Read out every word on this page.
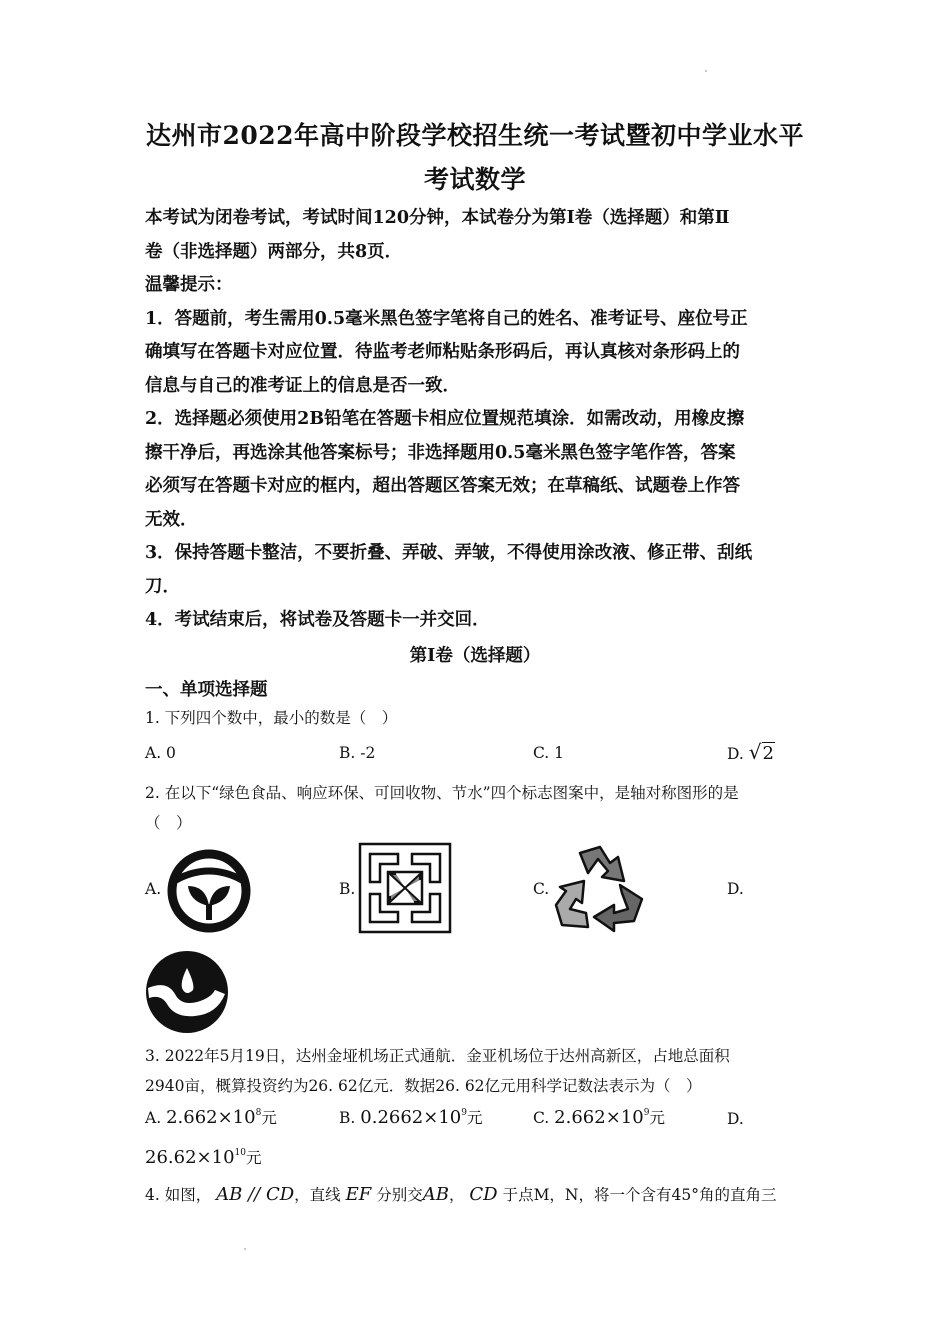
达州市2022年高中阶段学校招生统一考试暨初中学业水平
考试数学
本考试为闭卷考试，考试时间120分钟，本试卷分为第Ⅰ卷（选择题）和第Ⅱ
卷（非选择题）两部分，共8页．
温馨提示：
1．答题前，考生需用0.5毫米黑色签字笔将自己的姓名、准考证号、座位号正
确填写在答题卡对应位置．待监考老师粘贴条形码后，再认真核对条形码上的
信息与自己的准考证上的信息是否一致．
2．选择题必须使用2B铅笔在答题卡相应位置规范填涂．如需改动，用橡皮擦
擦干净后，再选涂其他答案标号；非选择题用0.5毫米黑色签字笔作答，答案
必须写在答题卡对应的框内，超出答题区答案无效；在草稿纸、试题卷上作答
无效．
3．保持答题卡整洁，不要折叠、弄破、弄皱，不得使用涂改液、修正带、刮纸
刀．
4．考试结束后，将试卷及答题卡一并交回．
第Ⅰ卷（选择题）
一、单项选择题
1. 下列四个数中，最小的数是（　）
A. 0	B. -2	C. 1	D. √2
2. 在以下“绿色食品、响应环保、可回收物、节水”四个标志图案中，是轴对称图形的是
（　）
A.	B.	C.	D.
3. 2022年5月19日，达州金垭机场正式通航．金亚机场位于达州高新区，占地总面积
2940亩，概算投资约为26. 62亿元．数据26. 62亿元用科学记数法表示为（　）
A. $2.662\times 10^8$元	B. $0.2662\times 10^9$元	C. $2.662\times 10^9$元	D.
$26.62\times 10^{10}$元
4. 如图， AB // CD，直线 EF 分别交AB， CD 于点M，N，将一个含有45°角的直角三
